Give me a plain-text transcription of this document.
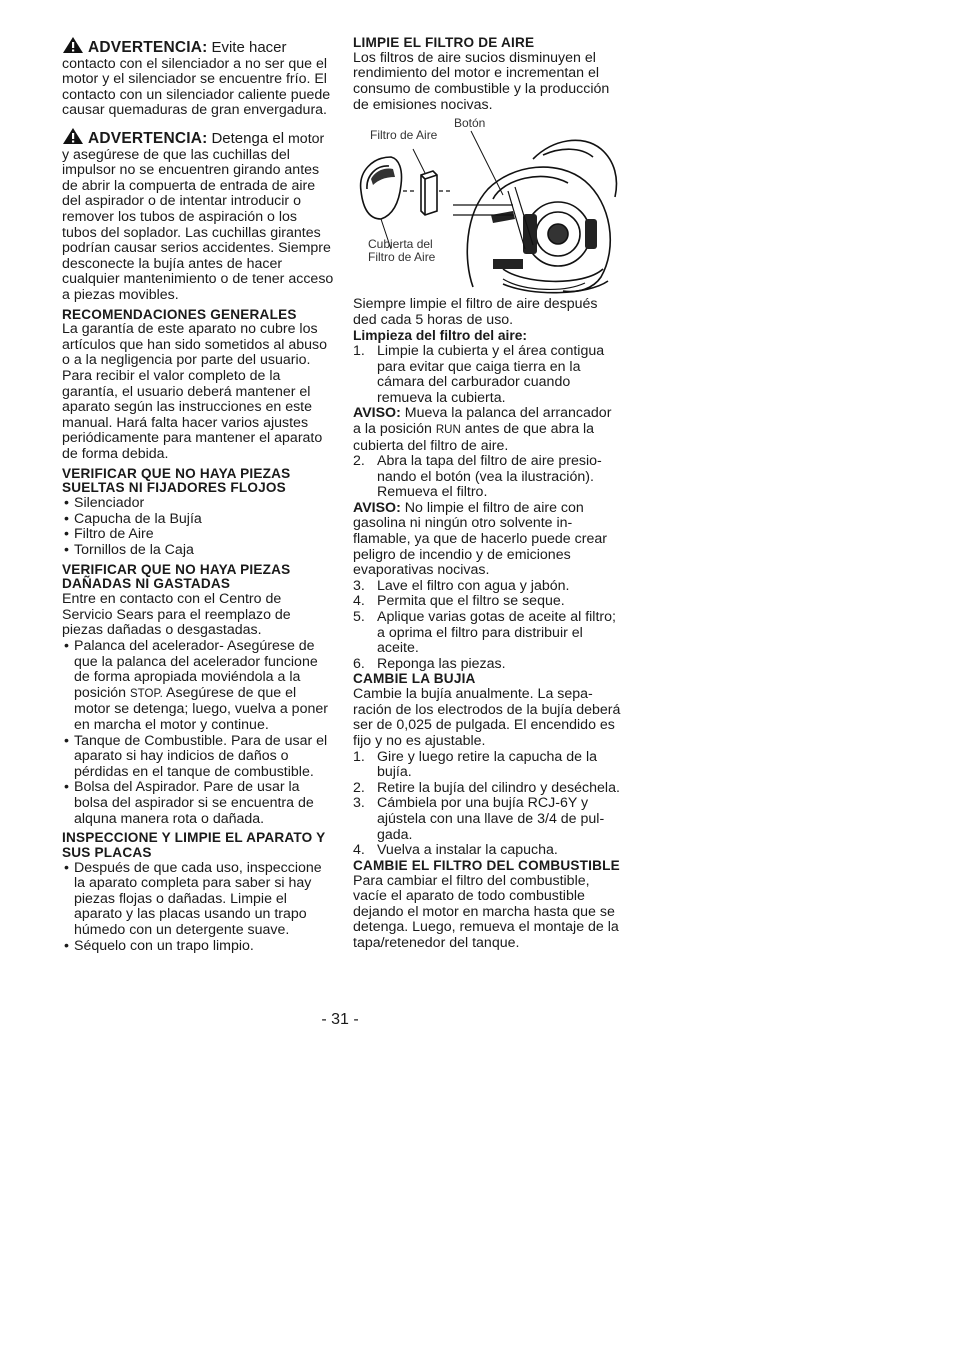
ADVERTENCIA: Evite hacer contacto con el silenciador a no ser que el motor y el silenciador se encuentre frío. El contacto con un silenciador caliente puede causar quemaduras de gran envergadura.

ADVERTENCIA: Detenga el motor y asegúrese de que las cuchillas del impulsor no se encuentren girando antes de abrir la compuerta de entrada de aire del aspirador o de intentar introducir o remover los tubos de aspiración o los tubos del soplador. Las cuchillas girantes podrían causar serios accidentes. Siempre desconecte la bujía antes de hacer cualquier mantenimiento o de tener acceso a piezas movibles.

RECOMENDACIONES GENERALES

La garantía de este aparato no cubre los artículos que han sido sometidos al abuso o a la negligencia por parte del usuario. Para recibir el valor completo de la garantía, el usuario deberá mantener el aparato según las instrucciones en este manual. Hará falta hacer varios ajustes periódicamente para mantener el aparato de forma debida.

VERIFICAR QUE NO HAYA PIEZAS SUELTAS NI FIJADORES FLOJOS
• Silenciador
• Capucha de la Bujía
• Filtro de Aire
• Tornillos de la Caja
VERIFICAR QUE NO HAYA PIEZAS DAÑADAS NI GASTADAS

Entre en contacto con el Centro de Servicio Sears para el reemplazo de piezas dañadas o desgastadas.

• Palanca del acelerador- Asegúrese de que la palanca del acelerador funcione de forma apropiada moviéndola a la posición STOP. Asegúrese de que el motor se detenga; luego, vuelva a poner en marcha el motor y continue.
• Tanque de Combustible. Para de usar el aparato si hay indicios de daños o pérdidas en el tanque de combustible.
• Bolsa del Aspirador. Pare de usar la bolsa del aspirador si se encuentra de alquna manera rota o dañada.
INSPECCIONE Y LIMPIE EL APARATO Y SUS PLACAS
• Después de que cada uso, inspeccione la aparato completa para saber si hay piezas flojas o dañadas. Limpie el aparato y las placas usando un trapo húmedo con un detergente suave.
• Séquelo con un trapo limpio.
LIMPIE EL FILTRO DE AIRE

Los filtros de aire sucios disminuyen el rendimiento del motor e incrementan el consumo de combustible y la producción de emisiones nocivas.

Botón
Filtro de Aire
Cubierta del
Filtro de Aire

Siempre limpie el filtro de aire después ded cada 5 horas de uso.

Limpieza del filtro del aire:
1. Limpie la cubierta y el área contigua para evitar que caiga tierra en la cámara del carburador cuando remueva la cubierta.

AVISO: Mueva la palanca del arrancador a la posición RUN antes de que abra la cubierta del filtro de aire.

2. Abra la tapa del filtro de aire presionando el botón (vea la ilustración). Remueva el filtro.

AVISO: No limpie el filtro de aire con gasolina ni ningún otro solvente inflamable, ya que de hacerlo puede crear peligro de incendio y de emiciones evaporativas nocivas.

3. Lave el filtro con agua y jabón.
4. Permita que el filtro se seque.
5. Aplique varias gotas de aceite al filtro; a oprima el filtro para distribuir el aceite.
6. Reponga las piezas.
CAMBIE LA BUJIA

Cambie la bujía anualmente. La separación de los electrodos de la bujía deberá ser de 0,025 de pulgada. El encendido es fijo y no es ajustable.

1. Gire y luego retire la capucha de la bujía.
2. Retire la bujía del cilindro y deséchela.
3. Cámbiela por una bujía RCJ-6Y y ajústela con una llave de 3/4 de pulgada.
4. Vuelva a instalar la capucha.
CAMBIE EL FILTRO DEL COMBUSTIBLE

Para cambiar el filtro del combustible, vacíe el aparato de todo combustible dejando el motor en marcha hasta que se detenga. Luego, remueva el montaje de la tapa/retenedor del tanque.

- 31 -
